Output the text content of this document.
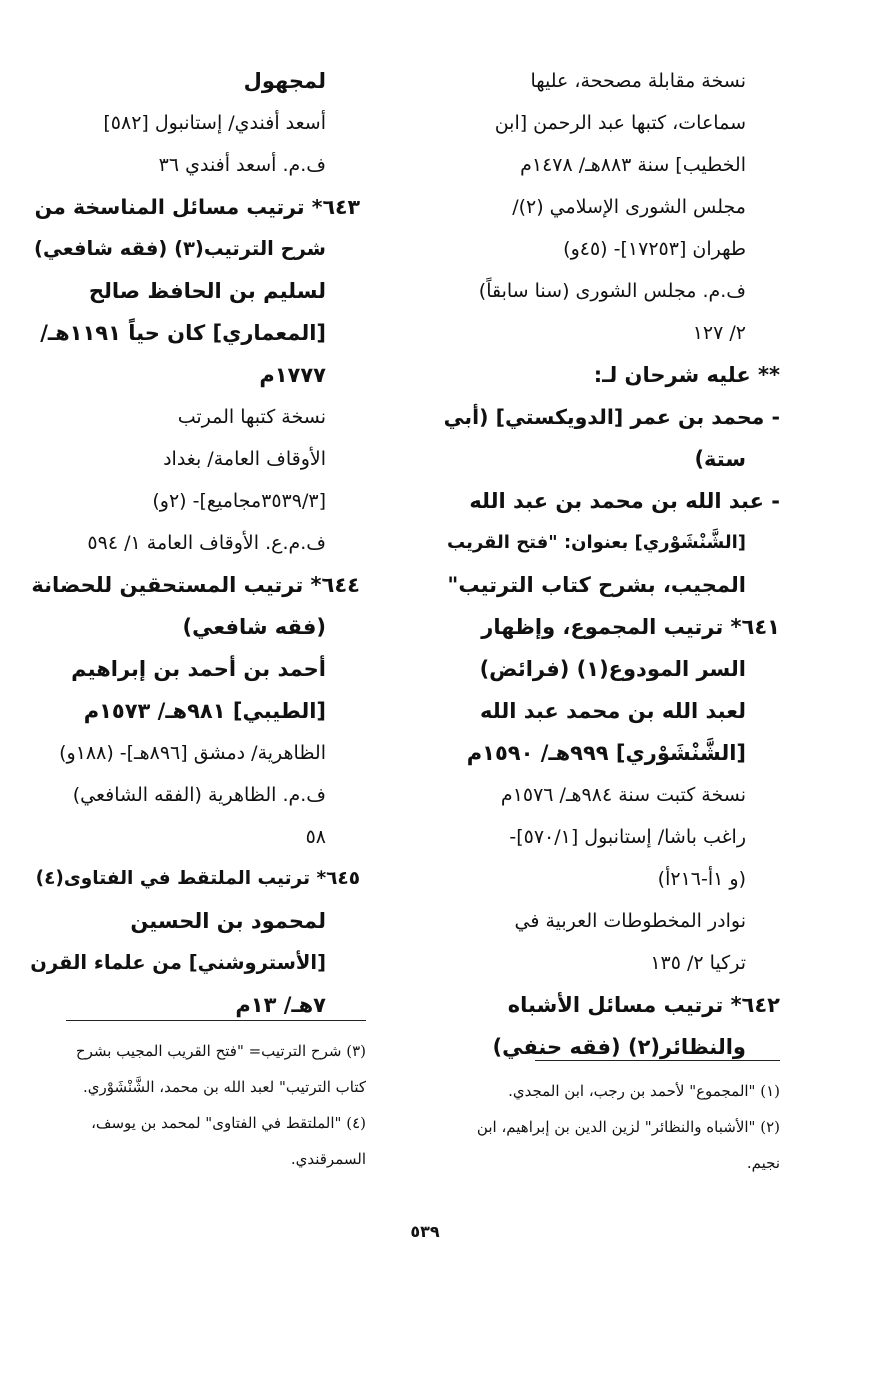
نسخة مقابلة مصححة، عليها
سماعات، كتبها عبد الرحمن [ابن
الخطيب] سنة ٨٨٣هـ/ ١٤٧٨م
مجلس الشورى الإسلامي (٢)/
طهران [١٧٢٥٣]- (٤٥و)
ف.م. مجلس الشورى (سنا سابقاً)
٢/ ١٢٧
** عليه شرحان لـ:
- محمد بن عمر [الدويكستي] (أبي
ستة)
- عبد الله بن محمد بن عبد الله
[الشَّنْشَوْري] بعنوان: "فتح القريب
المجيب، بشرح كتاب الترتيب"
٦٤١* ترتيب المجموع، وإظهار
السر المودوع(١) (فرائض)
لعبد الله بن محمد عبد الله
[الشَّنْشَوْري] ٩٩٩هـ/ ١٥٩٠م
نسخة كتبت سنة ٩٨٤هـ/ ١٥٧٦م
راغب باشا/ إستانبول [٥٧٠/١]-
(و ١أ-٢١٦أ)
نوادر المخطوطات العربية في
تركيا ٢/ ١٣٥
٦٤٢* ترتيب مسائل الأشباه
والنظائر(٢) (فقه حنفي)
لمجهول
أسعد أفندي/ إستانبول [٥٨٢]
ف.م. أسعد أفندي ٣٦
٦٤٣* ترتيب مسائل المناسخة من
شرح الترتيب(٣) (فقه شافعي)
لسليم بن الحافظ صالح
[المعماري] كان حياً ١١٩١هـ/
١٧٧٧م
نسخة كتبها المرتب
الأوقاف العامة/ بغداد
[٣٥٣٩/٣مجاميع]- (٢و)
ف.م.ع. الأوقاف العامة ١/ ٥٩٤
٦٤٤* ترتيب المستحقين للحضانة
(فقه شافعي)
أحمد بن أحمد بن إبراهيم
[الطيبي] ٩٨١هـ/ ١٥٧٣م
الظاهرية/ دمشق [٨٩٦هـ]- (١٨٨و)
ف.م. الظاهرية (الفقه الشافعي)
٥٨
٦٤٥* ترتيب الملتقط في الفتاوى(٤)
لمحمود بن الحسين
[الأستروشني] من علماء القرن
٧هـ/ ١٣م
(١) "المجموع" لأحمد بن رجب، ابن المجدي.
(٢) "الأشباه والنظائر" لزين الدين بن إبراهيم، ابن
نجيم.
(٣) شرح الترتيب= "فتح القريب المجيب بشرح
كتاب الترتيب" لعبد الله بن محمد، الشَّنْشَوْري.
(٤) "الملتقط في الفتاوى" لمحمد بن يوسف،
السمرقندي.
٥٣٩
